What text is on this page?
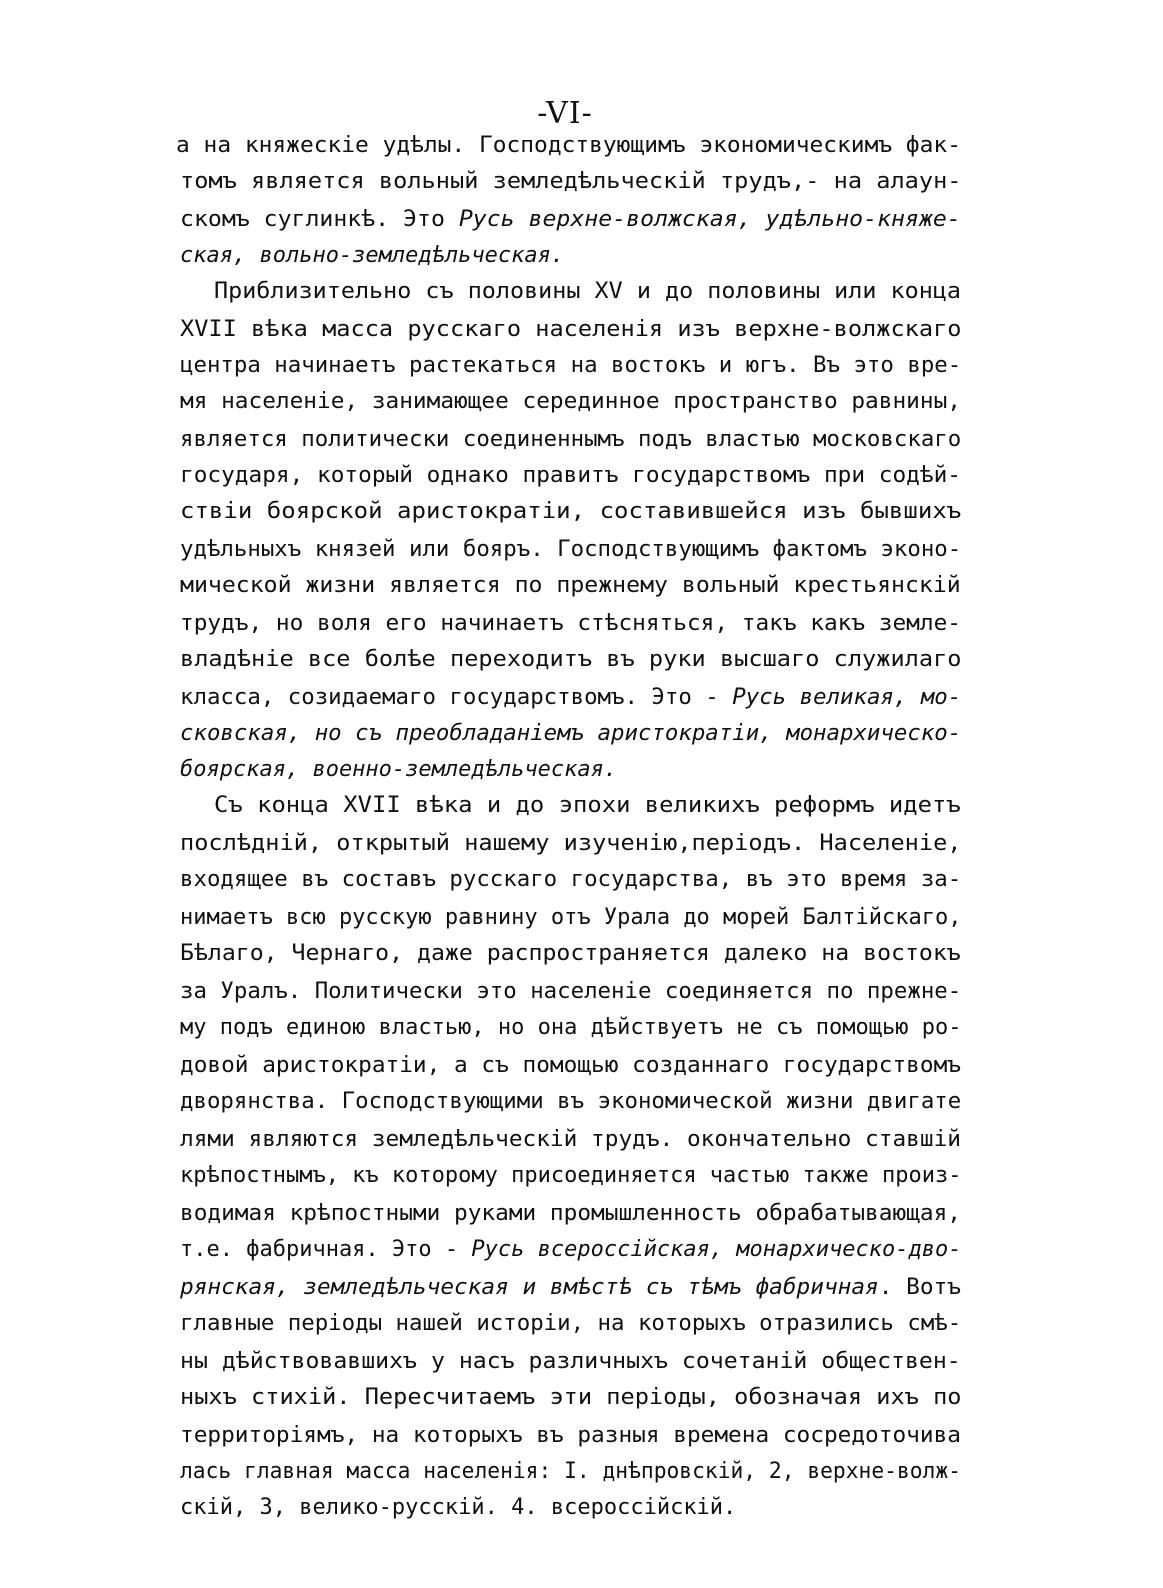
-VI-
а на княжескіе удѣлы. Господствующимъ экономическимъ фак-
томъ является вольный земледѣльческій трудъ,- на алаун-
скомъ суглинкѣ. Это Русь верхне-волжская, удѣльно-княже-
ская, вольно-земледѣльческая.
Приблизительно съ половины XV и до половины или конца
XVII вѣка масса русскаго населенія изъ верхне-волжскаго
центра начинаетъ растекаться на востокъ и югъ. Въ это вре-
мя населеніе, занимающее серединное пространство равнины,
является политически соединеннымъ подъ властью московскаго
государя, который однако правитъ государствомъ при содѣй-
ствіи боярской аристократіи, составившейся изъ бывшихъ
удѣльныхъ князей или бояръ. Господствующимъ фактомъ эконо-
мической жизни является по прежнему вольный крестьянскій
трудъ, но воля его начинаетъ стѣсняться, такъ какъ земле-
владѣніе все болѣе переходитъ въ руки высшаго служилаго
класса, созидаемаго государствомъ. Это - Русь великая, мо-
сковская, но съ преобладаніемъ аристократіи, монархическо-
боярская, военно-земледѣльческая.
Съ конца XVII вѣка и до эпохи великихъ реформъ идетъ
послѣдній, открытый нашему изученію,періодъ. Населеніе,
входящее въ составъ русскаго государства, въ это время за-
нимаетъ всю русскую равнину отъ Урала до морей Балтійскаго,
Бѣлаго, Чернаго, даже распространяется далеко на востокъ
за Уралъ. Политически это населеніе соединяется по прежне-
му подъ единою властью, но она дѣйствуетъ не съ помощью ро-
довой аристократіи, а съ помощью созданнаго государствомъ
дворянства. Господствующими въ экономической жизни двигате
лями являются земледѣльческій трудъ. окончательно ставшій
крѣпостнымъ, къ которому присоединяется частью также произ-
водимая крѣпостными руками промышленность обрабатывающая,
т.е. фабричная. Это - Русь всероссійская, монархическо-дво-
рянская, земледѣльческая и вмѣстѣ съ тѣмъ фабричная. Вотъ
главные періоды нашей исторіи, на которыхъ отразились смѣ-
ны дѣйствовавшихъ у насъ различныхъ сочетаній обществен-
ныхъ стихій. Пересчитаемъ эти періоды, обозначая ихъ по
территоріямъ, на которыхъ въ разныя времена сосредоточива
лась главная масса населенія: I. днѣпровскій, 2, верхне-волж-
скій, 3, велико-русскій. 4. всероссійскій.
